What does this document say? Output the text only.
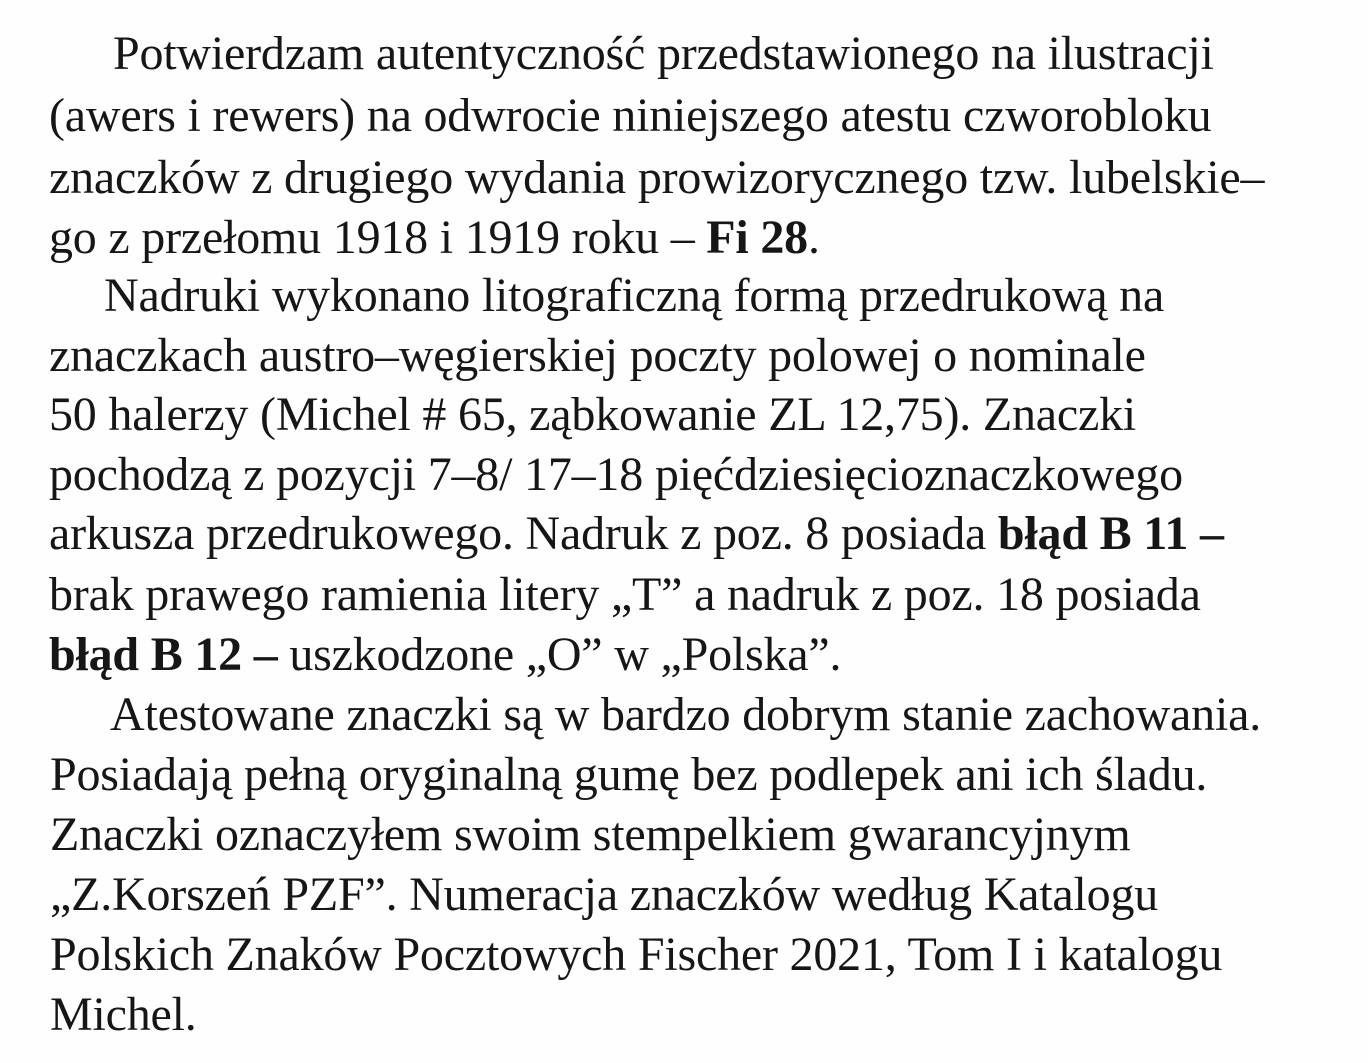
Potwierdzam autentyczność przedstawionego na ilustracji
(awers i rewers) na odwrocie niniejszego atestu czworobloku
znaczków z drugiego wydania prowizorycznego tzw. lubelskie–
go z przełomu 1918 i 1919 roku – Fi 28.
Nadruki wykonano litograficzną formą przedrukową na
znaczkach austro–węgierskiej poczty polowej o nominale
50 halerzy (Michel # 65, ząbkowanie ZL 12,75). Znaczki
pochodzą z pozycji 7–8/ 17–18 pięćdziesięcioznaczkowego
arkusza przedrukowego. Nadruk z poz. 8 posiada błąd B 11 –
brak prawego ramienia litery „T” a nadruk z poz. 18 posiada
błąd B 12 – uszkodzone „O” w „Polska”.
Atestowane znaczki są w bardzo dobrym stanie zachowania.
Posiadają pełną oryginalną gumę bez podlepek ani ich śladu.
Znaczki oznaczyłem swoim stempelkiem gwarancyjnym
„Z.Korszeń PZF”. Numeracja znaczków według Katalogu
Polskich Znaków Pocztowych Fischer 2021, Tom I i katalogu
Michel.
